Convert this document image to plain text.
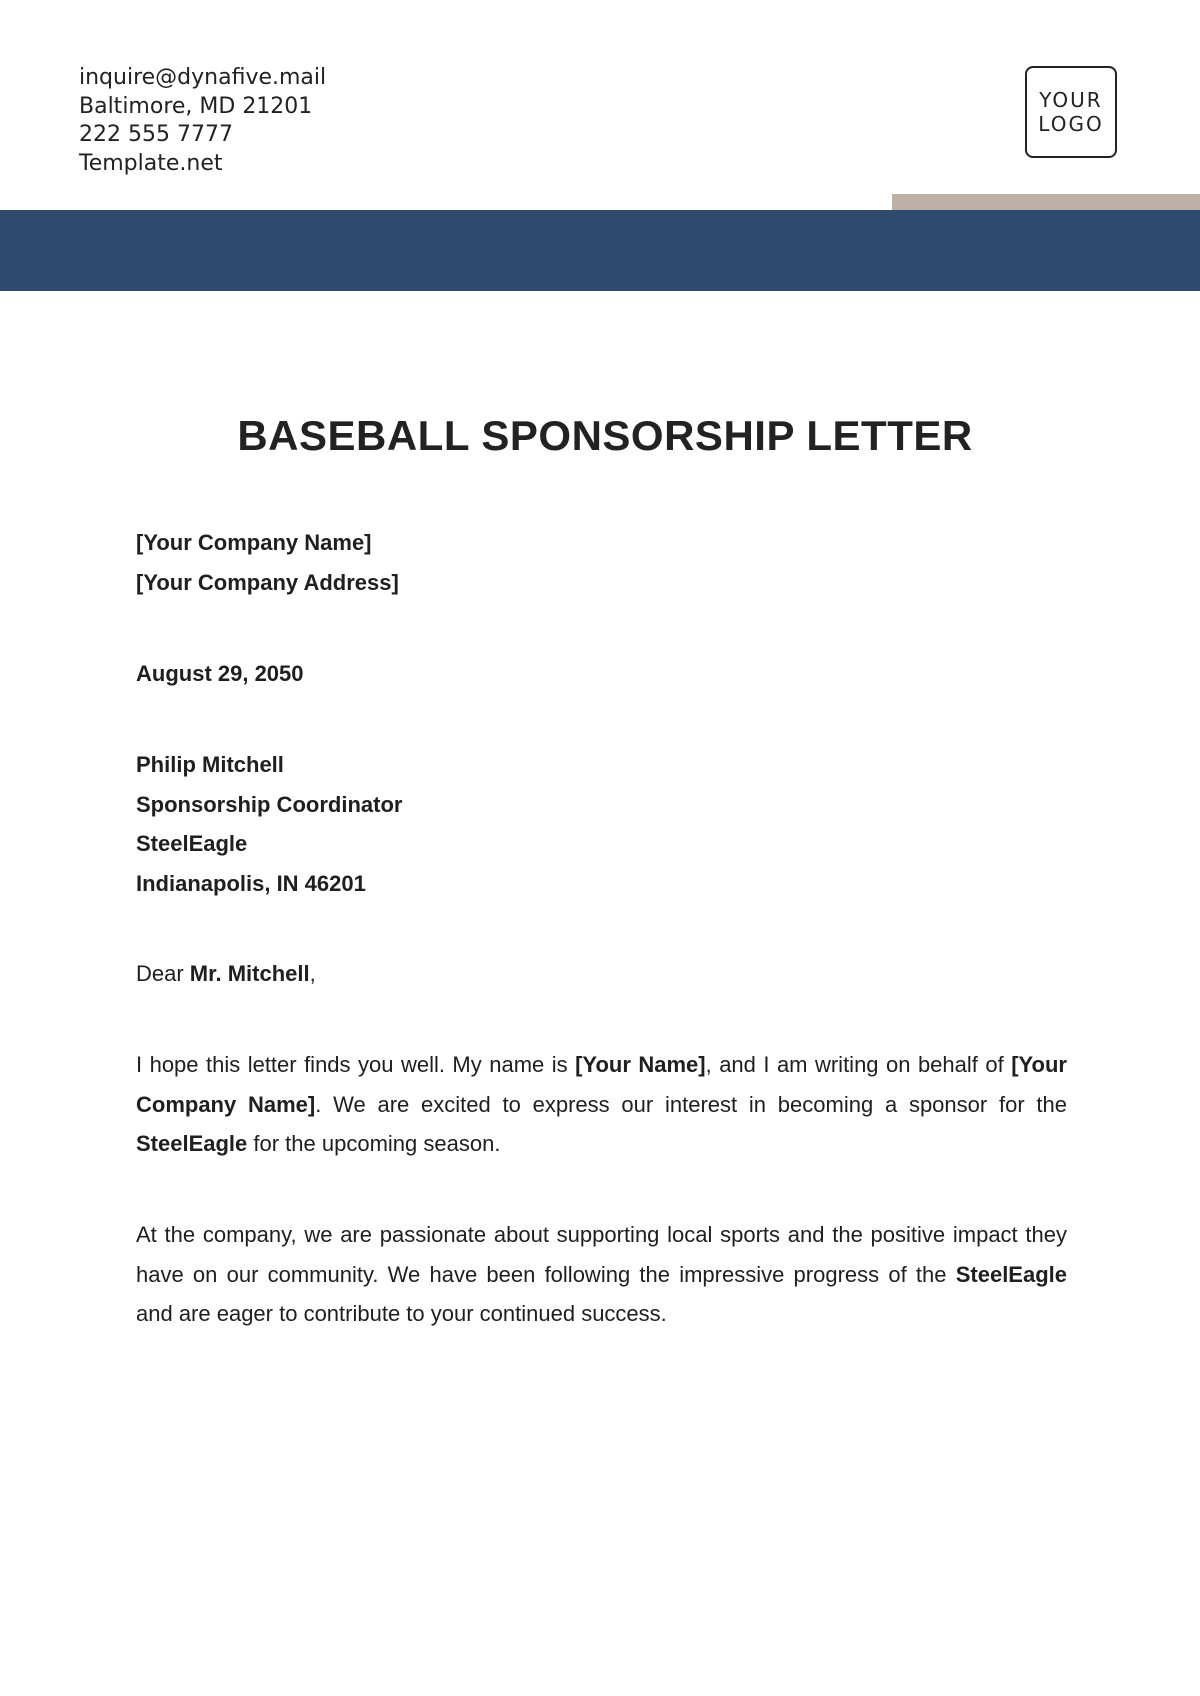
inquire@dynafive.mail
Baltimore, MD 21201
222 555 7777
Template.net
YOUR
LOGO
BASEBALL SPONSORSHIP LETTER
[Your Company Name]
[Your Company Address]
August 29, 2050
Philip Mitchell
Sponsorship Coordinator
SteelEagle
Indianapolis, IN 46201
Dear Mr. Mitchell,
I hope this letter finds you well. My name is [Your Name], and I am writing on behalf of [Your Company Name]. We are excited to express our interest in becoming a sponsor for the SteelEagle for the upcoming season.
At the company, we are passionate about supporting local sports and the positive impact they have on our community. We have been following the impressive progress of the SteelEagle and are eager to contribute to your continued success.
